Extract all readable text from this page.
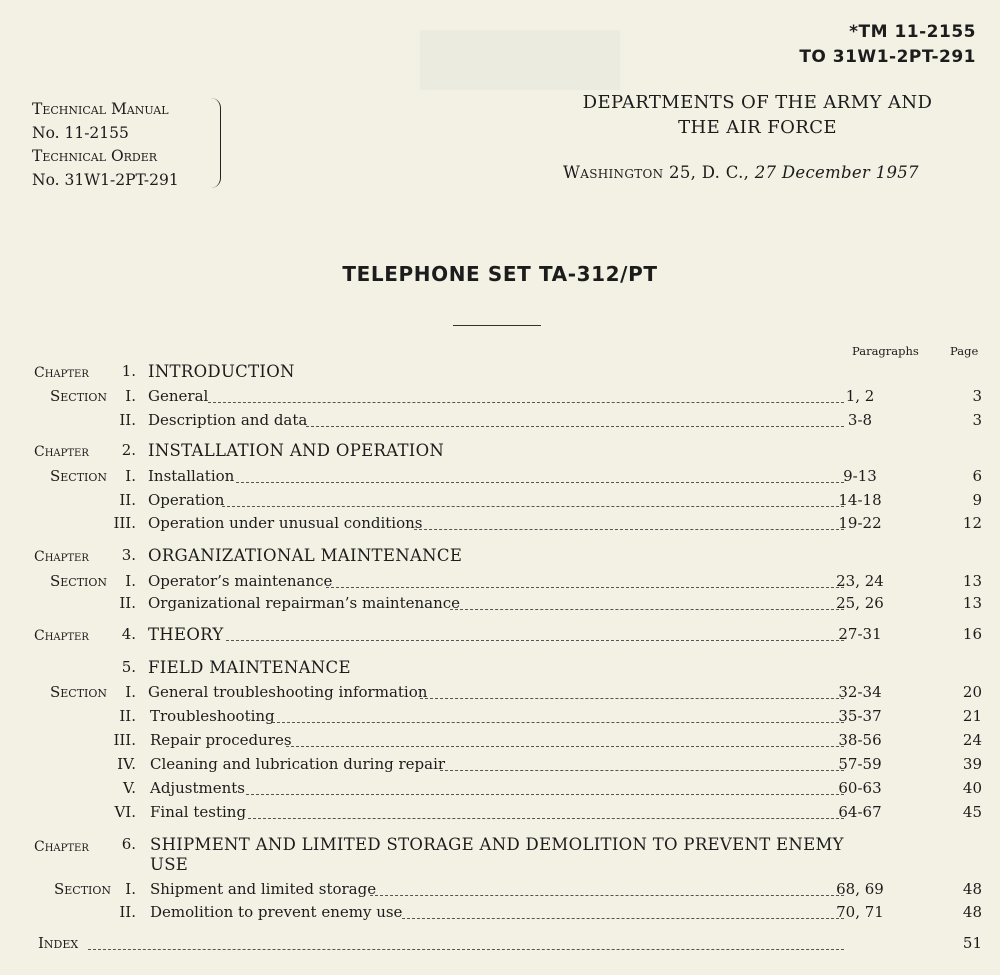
*TM 11-2155
TO 31W1-2PT-291
Technical Manual
No. 11-2155
Technical Order
No. 31W1-2PT-291
DEPARTMENTS OF THE ARMY AND
THE AIR FORCE
Washington 25, D. C., 27 December 1957
TELEPHONE SET TA-312/PT
Paragraphs	Page
Chapter	1. INTRODUCTION
Section	I. General	1, 2	3
II. Description and data	3-8	3
Chapter	2. INSTALLATION AND OPERATION
Section	I. Installation	9-13	6
II. Operation	14-18	9
III. Operation under unusual conditions	19-22	12
Chapter	3. ORGANIZATIONAL MAINTENANCE
Section	I. Operator’s maintenance	23, 24	13
II. Organizational repairman’s maintenance	25, 26	13
Chapter	4. THEORY	27-31	16
5. FIELD MAINTENANCE
Section	I. General troubleshooting information	32-34	20
II. Troubleshooting	35-37	21
III. Repair procedures	38-56	24
IV. Cleaning and lubrication during repair	57-59	39
V. Adjustments	60-63	40
VI. Final testing	64-67	45
Chapter	6. SHIPMENT AND LIMITED STORAGE AND DEMOLITION TO PREVENT ENEMY
USE
Section I. Shipment and limited storage	68, 69	48
II. Demolition to prevent enemy use	70, 71	48
Index	51
